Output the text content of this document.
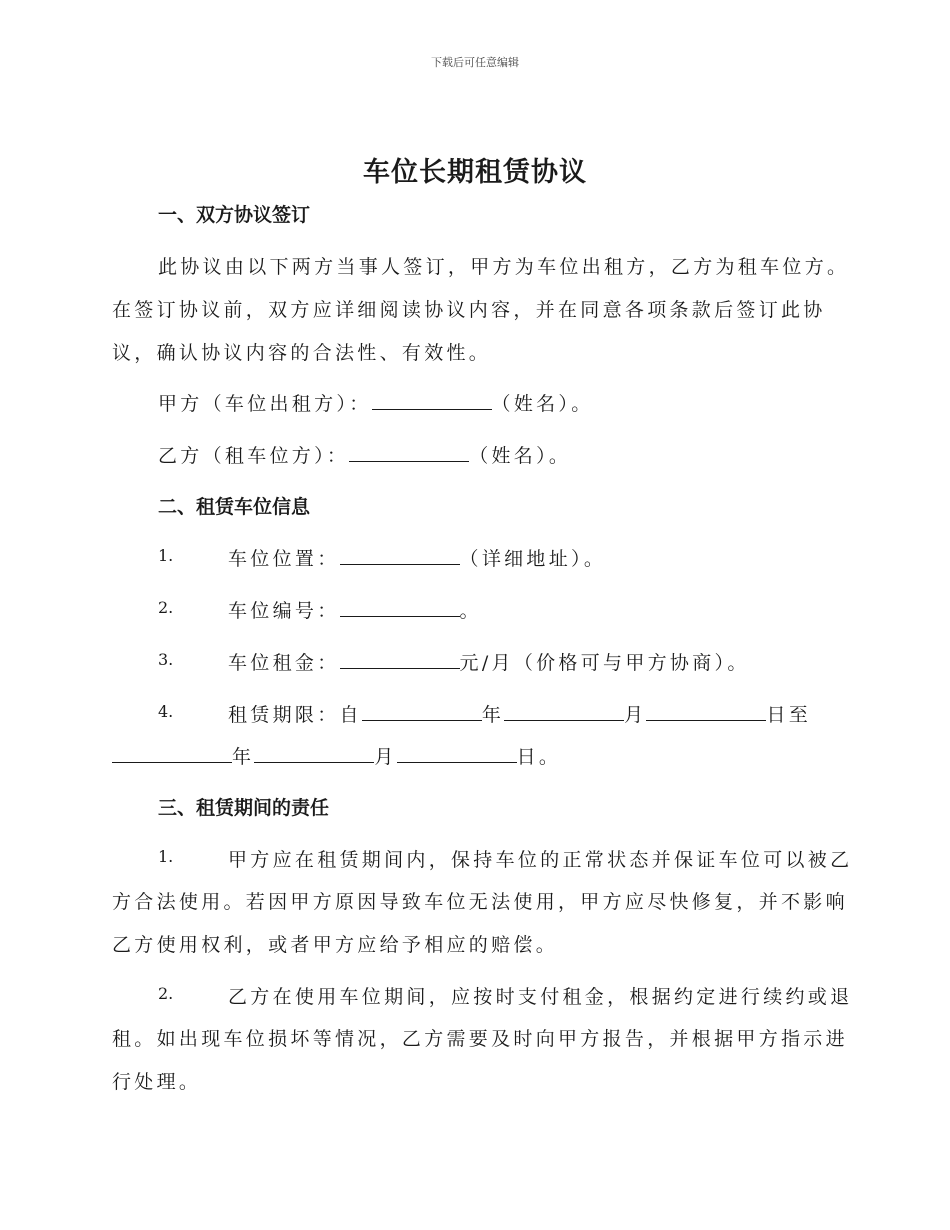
下载后可任意编辑
车位长期租赁协议
一、双方协议签订
此协议由以下两方当事人签订，甲方为车位出租方，乙方为租车位方。
在签订协议前，双方应详细阅读协议内容，并在同意各项条款后签订此协
议，确认协议内容的合法性、有效性。
甲方（车位出租方）：	（姓名）。
乙方（租车位方）：	（姓名）。
二、租赁车位信息
1.	车位位置：	（详细地址）。
2.	车位编号：	。
3.	车位租金：	元/月（价格可与甲方协商）。
4.	租赁期限：自	年	月	日至
年	月	日。
三、租赁期间的责任
1.	甲方应在租赁期间内，保持车位的正常状态并保证车位可以被乙
方合法使用。若因甲方原因导致车位无法使用，甲方应尽快修复，并不影响
乙方使用权利，或者甲方应给予相应的赔偿。
2.	乙方在使用车位期间，应按时支付租金，根据约定进行续约或退
租。如出现车位损坏等情况，乙方需要及时向甲方报告，并根据甲方指示进
行处理。
